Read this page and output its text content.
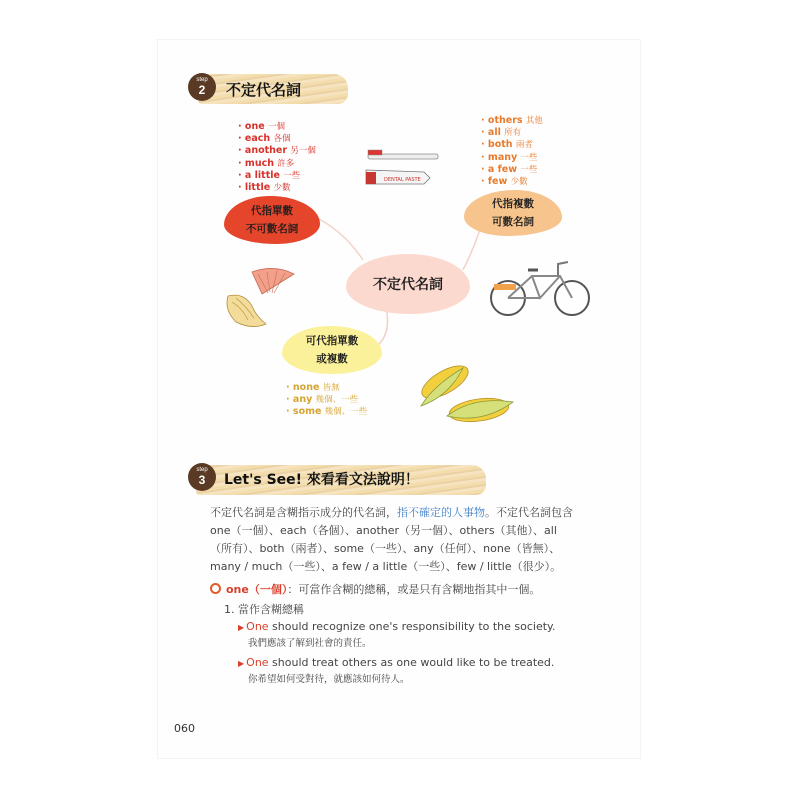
step
2	不定代名詞
· one 一個
· each 各個
· another 另一個
· much 許多
· a little 一些
· little 少數
· others 其他
· all 所有
· both 兩者
· many 一些
· a few 一些
· few 少數
DENTAL PASTE
代指單數
不可數名詞
代指複數
可數名詞
不定代名詞
可代指單數
或複數
· none 皆無
· any 幾個、一些
· some 幾個、一些
step
3	Let's See! 來看看文法說明！
不定代名詞是含糊指示成分的代名詞，指不確定的人事物。不定代名詞包含
one（一個）、each（各個）、another（另一個）、others（其他）、all
（所有）、both（兩者）、some（一些）、any（任何）、none（皆無）、
many / much（一些）、a few / a little（一些）、few / little（很少）。
one（一個）：可當作含糊的總稱，或是只有含糊地指其中一個。
1. 當作含糊總稱
▶ One should recognize one's responsibility to the society.
我們應該了解到社會的責任。
▶ One should treat others as one would like to be treated.
你希望如何受對待，就應該如何待人。
060
